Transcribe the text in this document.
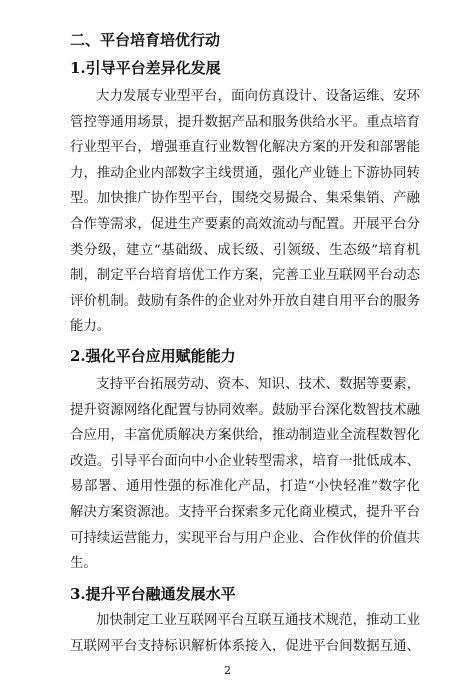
二、平台培育培优行动
1.引导平台差异化发展
大力发展专业型平台，面向仿真设计、设备运维、安环
管控等通用场景，提升数据产品和服务供给水平。重点培育
行业型平台，增强垂直行业数智化解决方案的开发和部署能
力，推动企业内部数字主线贯通，强化产业链上下游协同转
型。加快推广协作型平台，围绕交易撮合、集采集销、产融
合作等需求，促进生产要素的高效流动与配置。开展平台分
类分级，建立“基础级、成长级、引领级、生态级”培育机
制，制定平台培育培优工作方案，完善工业互联网平台动态
评价机制。鼓励有条件的企业对外开放自建自用平台的服务
能力。
2.强化平台应用赋能能力
支持平台拓展劳动、资本、知识、技术、数据等要素，
提升资源网络化配置与协同效率。鼓励平台深化数智技术融
合应用，丰富优质解决方案供给，推动制造业全流程数智化
改造。引导平台面向中小企业转型需求，培育一批低成本、
易部署、通用性强的标准化产品，打造“小快轻准”数字化
解决方案资源池。支持平台探索多元化商业模式，提升平台
可持续运营能力，实现平台与用户企业、合作伙伴的价值共
生。
3.提升平台融通发展水平
加快制定工业互联网平台互联互通技术规范，推动工业
互联网平台支持标识解析体系接入，促进平台间数据互通、
2
